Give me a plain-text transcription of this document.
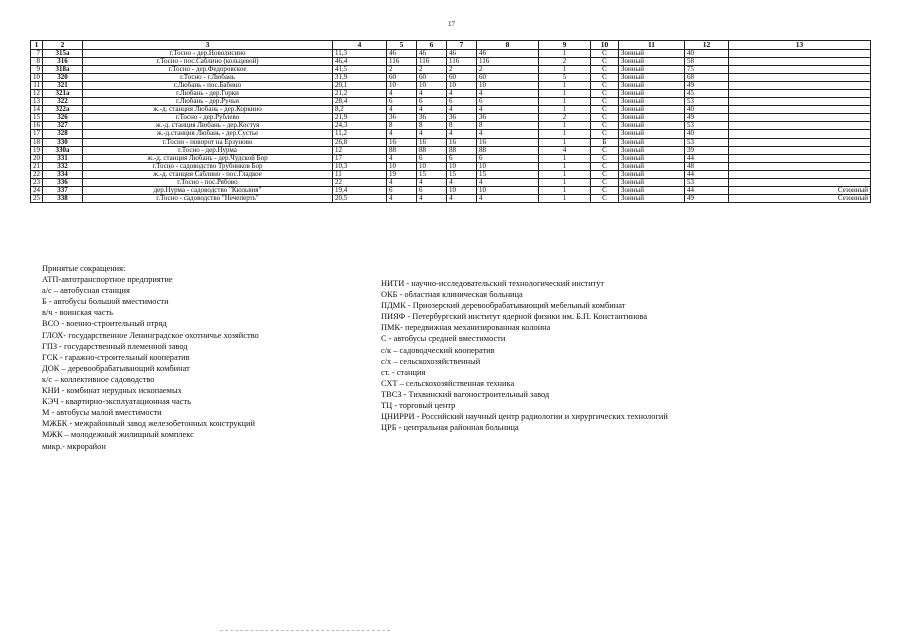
17
1	2	3	4	5	6	7	8	9	10	11	12	13
7	315а	г.Тосно - дер.Новолисино	11,3	46	46	46	46	1	С	Зонный	40	
8	316	г.Тосно - пос.Саблино (кольцевой)	46,4	116	116	116	116	2	С	Зонный	58	
9	318а	г.Тосно - дер.Федоровское	41,5	2	2	2	2	1	С	Зонный	75	
10	320	г.Тосно - г.Любань	31,9	60	60	60	60	5	С	Зонный	68	
11	321	г.Любань - пос.Бабино	20,1	10	10	10	10	1	С	Зонный	49	
12	321а	г.Любань - дер.Горки	21,2	4	4	4	4	1	С	Зонный	45	
13	322	г.Любань - дер.Ручьи	28,4	6	6	6	6	1	С	Зонный	53	
14	322а	ж.-д. станция Любань - дер.Коркино	8,2	4	4	4	4	1	С	Зонный	40	
15	326	г.Тосно - дер.Рублево	21,9	36	36	36	36	2	С	Зонный	49	
16	327	ж.-д. станция Любань - дер.Костуя	24,3	8	8	8	8	1	С	Зонный	53	
17	328	ж.-д.станция Любань - дер.Сустье	11,2	4	4	4	4	1	С	Зонный	40	
18	330	г.Тосно - поворот на Ерзуново	26,8	16	16	16	16	1	Б	Зонный	53	
19	330а	г.Тосно - дер.Нурма	12	88	88	88	88	4	С	Зонный	39	
20	331	ж.-д. станция Любань - дер.Чудской Бор	17	4	6	6	6	1	С	Зонный	44	
21	332	г.Тосно - садоводство Трубников Бор	10,3	10	10	10	10	1	С	Зонный	48	
22	334	ж.-д. станция Саблино - пос.Гладкое	11	19	15	15	15	1	С	Зонный	44	
23	336	г.Тосно - пос.Рябово	22	4	4	4	4	1	С	Зонный	53	
24	337	дер.Нурма - садоводство "Кюльвия"	19,4	6	6	10	10	1	С	Зонный	44	Сезонный
25	338	г.Тосно - садоводство "Нечеперть"	20,5	4	4	4	4	1	С	Зонный	49	Сезонный
Принятые сокращения:
АТП-автотранспортное предприятие
а/с – автобусная станция
Б - автобусы большой вместимости
в/ч - воинская часть
ВСО - военно-строительный отряд
ГЛОХ- государственное Ленинградское охотничье хозяйство
ГПЗ - государственный племенной завод
ГСК - гаражно-строительный кооператив
ДОК – деревообрабатывающий комбинат
к/с – коллективное садоводство
КНИ - комбинат нерудных ископаемых
КЭЧ - квартирно-эксплуатационная часть
М - автобусы малой вместимости
МЖБК - межрайонный завод железобетонных конструкций
МЖК – молодежный жилищный комплекс
микр.- мкрорайон
НИТИ - научно-исследовательский технологический институт
ОКБ - областная клиническая больница
ПДМК - Приозерский деревообрабатывающий мебельный комбинат
ПИЯФ - Петербургский институт ядерной физики им. Б.П. Константинова
ПМК- передвижная механизированная колонна
С - автобусы средней вместимости
с/к – садоводческий кооператив
с/х – сельскохозяйственный
ст. - станция
СХТ – сельскохозяйственная техника
ТВСЗ - Тихвинский вагоностроительный завод
ТЦ - торговый центр
ЦНИРРИ - Российский научный центр радиологии и хирургических технологий
ЦРБ - центральная районная больница
